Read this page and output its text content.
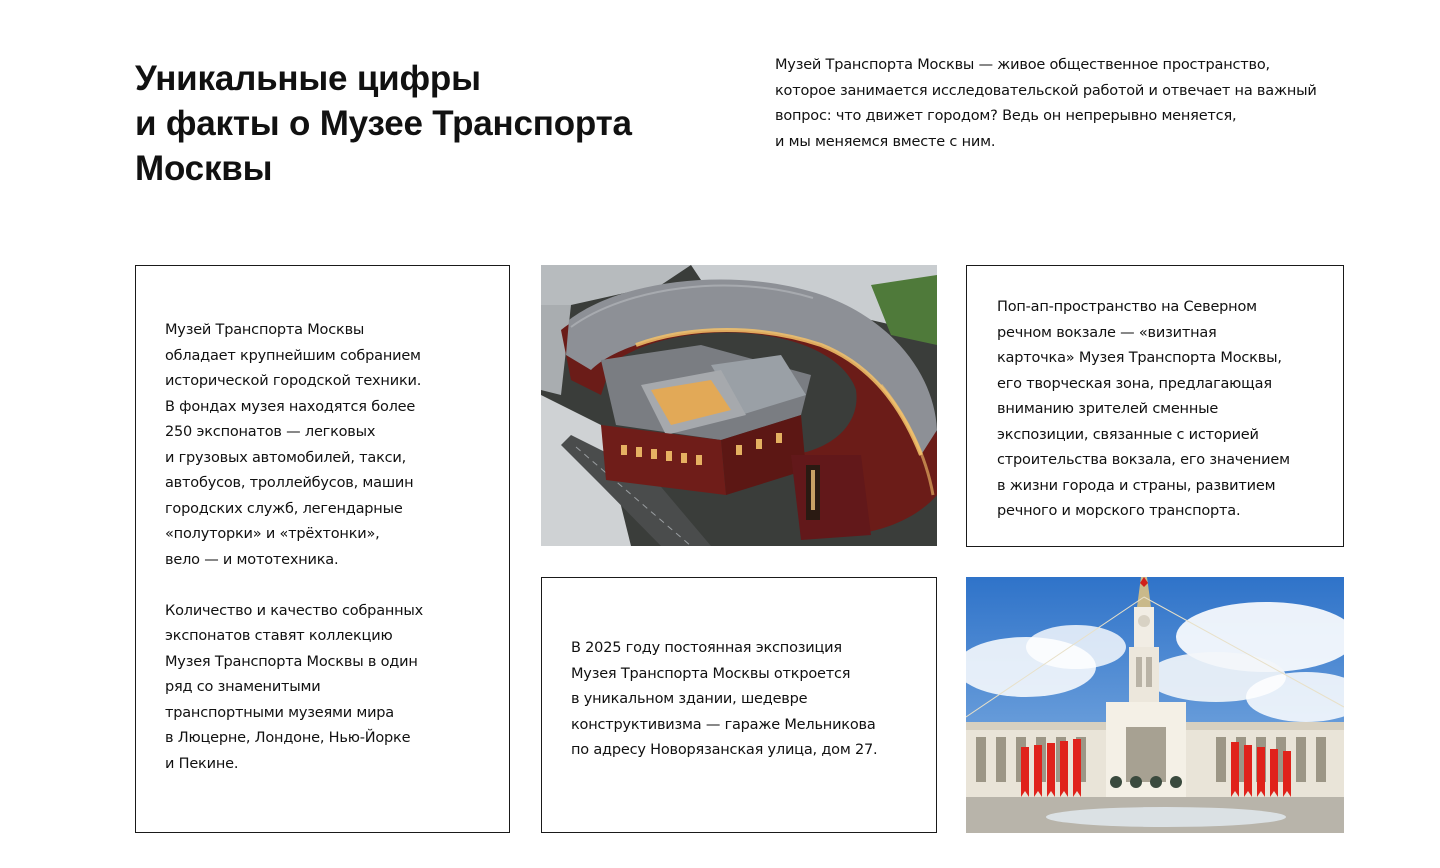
Уникальные цифры
и факты о Музее Транспорта
Москвы

Музей Транспорта Москвы — живое общественное пространство,
которое занимается исследовательской работой и отвечает на важный
вопрос: что движет городом? Ведь он непрерывно меняется,
и мы меняемся вместе с ним.

Музей Транспорта Москвы
обладает крупнейшим собранием
исторической городской техники.
В фондах музея находятся более
250 экспонатов — легковых
и грузовых автомобилей, такси,
автобусов, троллейбусов, машин
городских служб, легендарные
«полуторки» и «трёхтонки»,
вело — и мототехника.
Количество и качество собранных
экспонатов ставят коллекцию
Музея Транспорта Москвы в один
ряд со знаменитыми
транспортными музеями мира
в Люцерне, Лондоне, Нью-Йорке
и Пекине.
Поп-ап-пространство на Северном
речном вокзале — «визитная
карточка» Музея Транспорта Москвы,
его творческая зона, предлагающая
вниманию зрителей сменные
экспозиции, связанные с историей
строительства вокзала, его значением
в жизни города и страны, развитием
речного и морского транспорта.
В 2025 году постоянная экспозиция
Музея Транспорта Москвы откроется
в уникальном здании, шедевре
конструктивизма — гараже Мельникова
по адресу Новорязанская улица, дом 27.
